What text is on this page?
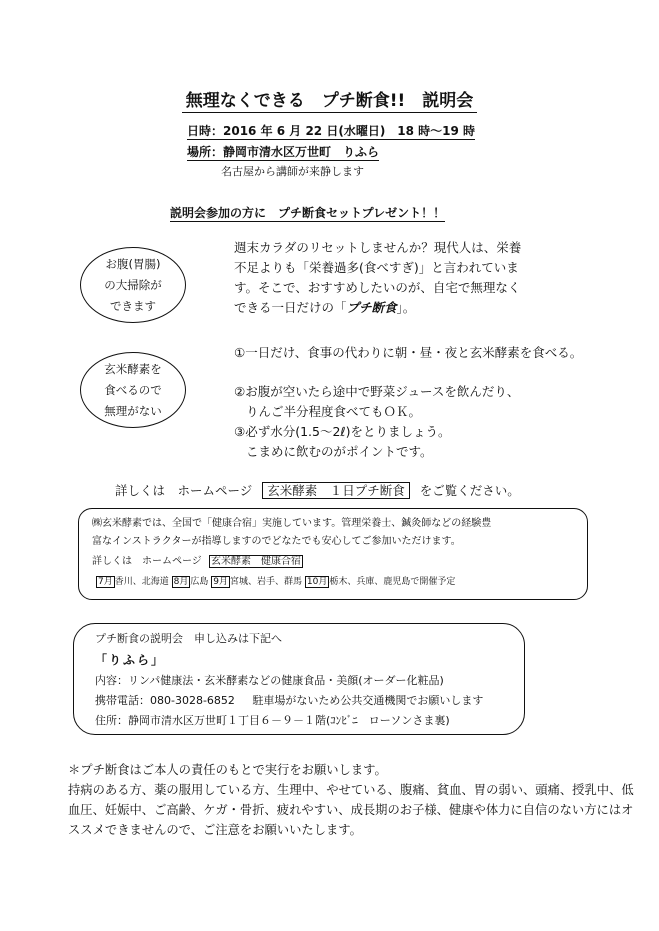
無理なくできる　プチ断食!!　説明会
日時：2016 年 6 月 22 日(水曜日)　18 時～19 時
場所：静岡市清水区万世町　りふら
名古屋から講師が来静します
説明会参加の方に　プチ断食セットプレゼント！！
お腹(胃腸)
の大掃除が
できます
玄米酵素を
食べるので
無理がない
週末カラダのリセットしませんか？現代人は、栄養
不足よりも「栄養過多(食べすぎ)」と言われていま
す。そこで、おすすめしたいのが、自宅で無理なく
できる一日だけの「プチ断食」。
①一日だけ、食事の代わりに朝・昼・夜と玄米酵素を食べる。
②お腹が空いたら途中で野菜ジュースを飲んだり、
りんご半分程度食べてもＯＫ。
③必ず水分(1.5～2ℓ)をとりましょう。
こまめに飲むのがポイントです。
詳しくは　ホームページ 玄米酵素　１日プチ断食 をご覧ください。
㈱玄米酵素では、全国で「健康合宿」実施しています。管理栄養士、鍼灸師などの経験豊
富なインストラクターが指導しますのでどなたでも安心してご参加いただけます。
詳しくは　ホームページ 玄米酵素　健康合宿
7月 香川、北海道 8月 広島 9月 宮城、岩手、群馬 10月 栃木、兵庫、鹿児島で開催予定
プチ断食の説明会　申し込みは下記へ
「りふら」
内容：リンパ健康法・玄米酵素などの健康食品・美顔(オーダー化粧品)
携帯電話：080-3028-6852 駐車場がないため公共交通機関でお願いします
住所：静岡市清水区万世町１丁目６－９－１階(ｺﾝﾋﾞﾆ　ローソンさま裏)
＊プチ断食はご本人の責任のもとで実行をお願いします。
持病のある方、薬の服用している方、生理中、やせている、腹痛、貧血、胃の弱い、頭痛、授乳中、低
血圧、妊娠中、ご高齢、ケガ・骨折、疲れやすい、成長期のお子様、健康や体力に自信のない方にはオ
ススメできませんので、ご注意をお願いいたします。
